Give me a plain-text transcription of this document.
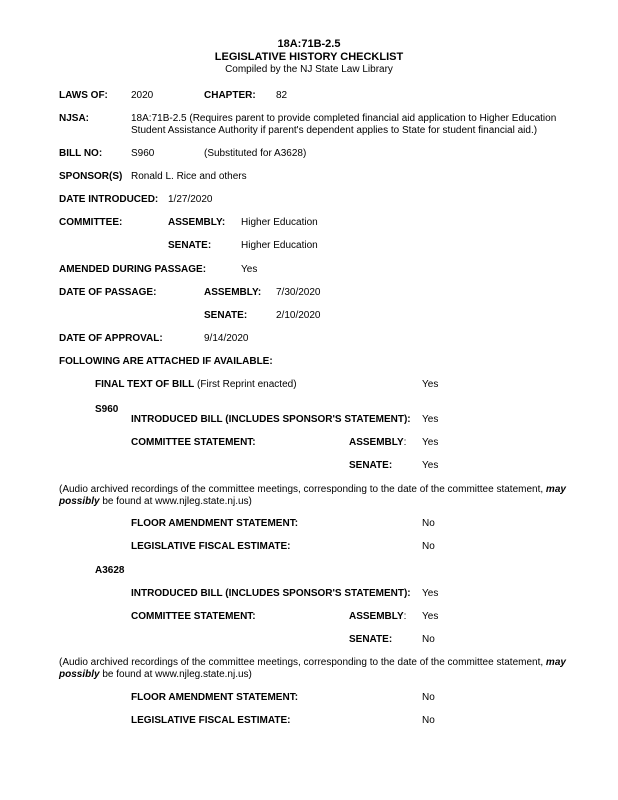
18A:71B-2.5
LEGISLATIVE HISTORY CHECKLIST
Compiled by the NJ State Law Library
LAWS OF: 2020	CHAPTER: 82
NJSA:	18A:71B-2.5 (Requires parent to provide completed financial aid application to Higher Education Student Assistance Authority if parent's dependent applies to State for student financial aid.)
BILL NO:	S960	(Substituted for A3628)
SPONSOR(S) Ronald L. Rice and others
DATE INTRODUCED: 1/27/2020
COMMITTEE:	ASSEMBLY: Higher Education
SENATE:	Higher Education
AMENDED DURING PASSAGE:	Yes
DATE OF PASSAGE:	ASSEMBLY: 7/30/2020
SENATE:	2/10/2020
DATE OF APPROVAL:	9/14/2020
FOLLOWING ARE ATTACHED IF AVAILABLE:
FINAL TEXT OF BILL (First Reprint enacted)	Yes
S960
INTRODUCED BILL (INCLUDES SPONSOR'S STATEMENT): Yes
COMMITTEE STATEMENT:	ASSEMBLY: Yes
SENATE:	Yes
(Audio archived recordings of the committee meetings, corresponding to the date of the committee statement, may possibly be found at www.njleg.state.nj.us)
FLOOR AMENDMENT STATEMENT:	No
LEGISLATIVE FISCAL ESTIMATE:	No
A3628
INTRODUCED BILL (INCLUDES SPONSOR'S STATEMENT): Yes
COMMITTEE STATEMENT:	ASSEMBLY: Yes
SENATE:	No
(Audio archived recordings of the committee meetings, corresponding to the date of the committee statement, may possibly be found at www.njleg.state.nj.us)
FLOOR AMENDMENT STATEMENT:	No
LEGISLATIVE FISCAL ESTIMATE:	No
